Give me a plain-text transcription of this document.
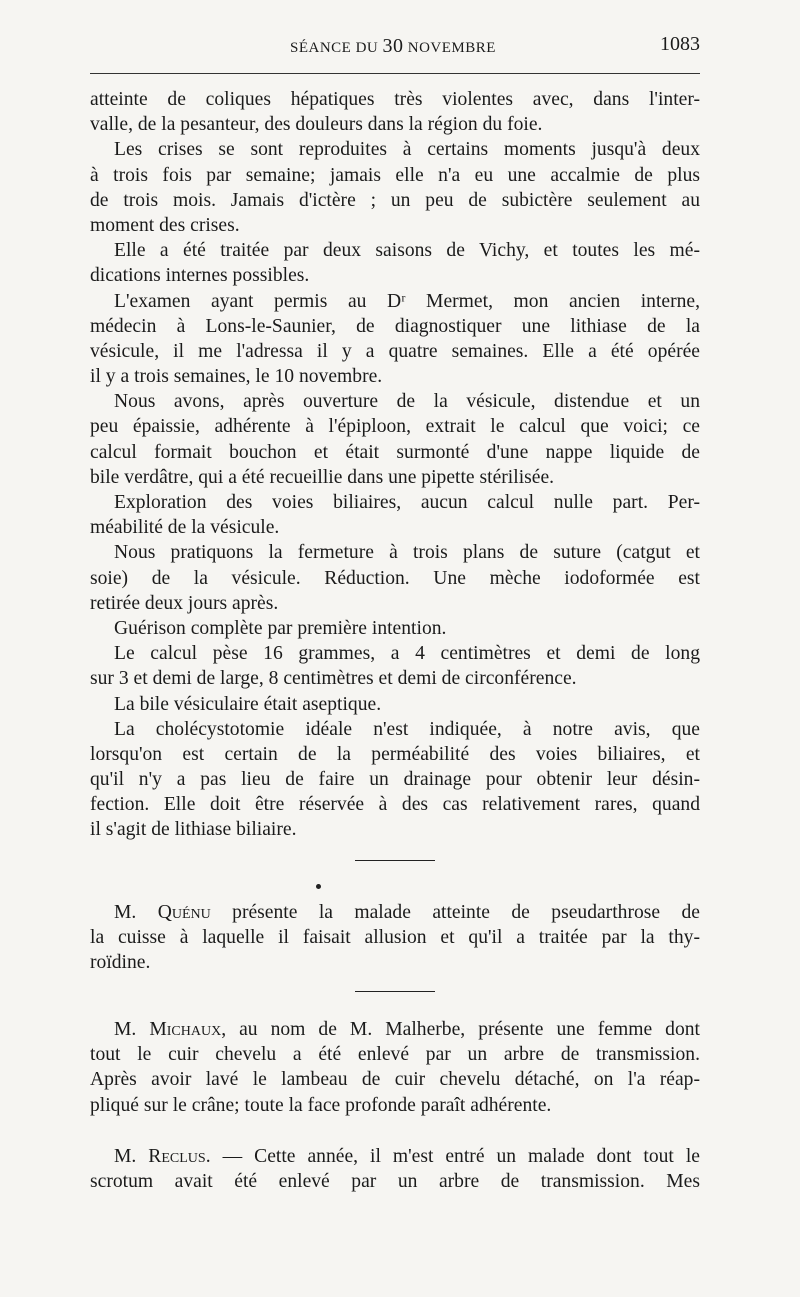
SÉANCE DU 30 NOVEMBRE	1083
atteinte de coliques hépatiques très violentes avec, dans l'inter-
valle, de la pesanteur, des douleurs dans la région du foie.
Les crises se sont reproduites à certains moments jusqu'à deux
à trois fois par semaine; jamais elle n'a eu une accalmie de plus
de trois mois. Jamais d'ictère ; un peu de subictère seulement au
moment des crises.
Elle a été traitée par deux saisons de Vichy, et toutes les mé-
dications internes possibles.
L'examen ayant permis au Dʳ Mermet, mon ancien interne,
médecin à Lons-le-Saunier, de diagnostiquer une lithiase de la
vésicule, il me l'adressa il y a quatre semaines. Elle a été opérée
il y a trois semaines, le 10 novembre.
Nous avons, après ouverture de la vésicule, distendue et un
peu épaissie, adhérente à l'épiploon, extrait le calcul que voici; ce
calcul formait bouchon et était surmonté d'une nappe liquide de
bile verdâtre, qui a été recueillie dans une pipette stérilisée.
Exploration des voies biliaires, aucun calcul nulle part. Per-
méabilité de la vésicule.
Nous pratiquons la fermeture à trois plans de suture (catgut et
soie) de la vésicule. Réduction. Une mèche iodoformée est
retirée deux jours après.
Guérison complète par première intention.
Le calcul pèse 16 grammes, a 4 centimètres et demi de long
sur 3 et demi de large, 8 centimètres et demi de circonférence.
La bile vésiculaire était aseptique.
La cholécystotomie idéale n'est indiquée, à notre avis, que
lorsqu'on est certain de la perméabilité des voies biliaires, et
qu'il n'y a pas lieu de faire un drainage pour obtenir leur désin-
fection. Elle doit être réservée à des cas relativement rares, quand
il s'agit de lithiase biliaire.
M. Quénu présente la malade atteinte de pseudarthrose de
la cuisse à laquelle il faisait allusion et qu'il a traitée par la thy-
roïdine.
M. Michaux, au nom de M. Malherbe, présente une femme dont
tout le cuir chevelu a été enlevé par un arbre de transmission.
Après avoir lavé le lambeau de cuir chevelu détaché, on l'a réap-
pliqué sur le crâne; toute la face profonde paraît adhérente.
M. Reclus. — Cette année, il m'est entré un malade dont tout le
scrotum avait été enlevé par un arbre de transmission. Mes
